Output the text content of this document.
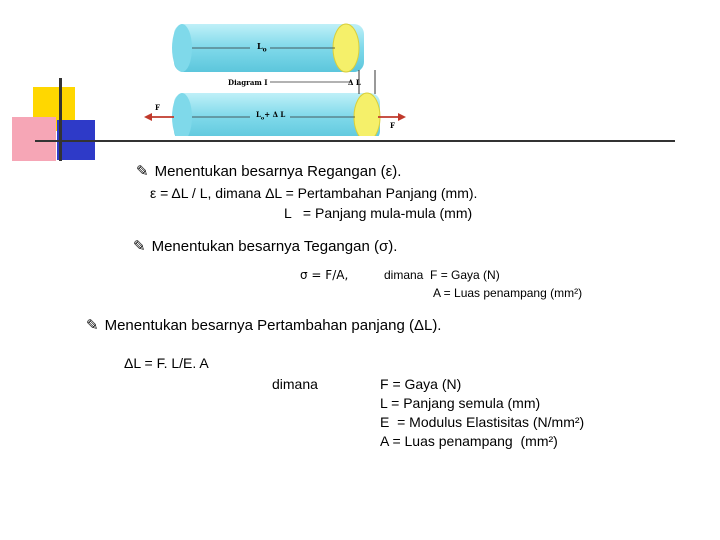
$L_o$
Diagram I	Δ L
$L_o+ \Delta$ L
F
F
✎ Menentukan besarnya Regangan (ε).
ε = ΔL / L, dimana ΔL = Pertambahan Panjang (mm).
L   = Panjang mula-mula (mm)
✎ Menentukan besarnya Tegangan (σ).
σ = F/A,	dimana  F = Gaya (N)
A = Luas penampang (mm²)
✎ Menentukan besarnya Pertambahan panjang (ΔL).
ΔL = F. L/E. A
dimana	F = Gaya (N)
L = Panjang semula (mm)
E  = Modulus Elastisitas (N/mm²)
A = Luas penampang  (mm²)
